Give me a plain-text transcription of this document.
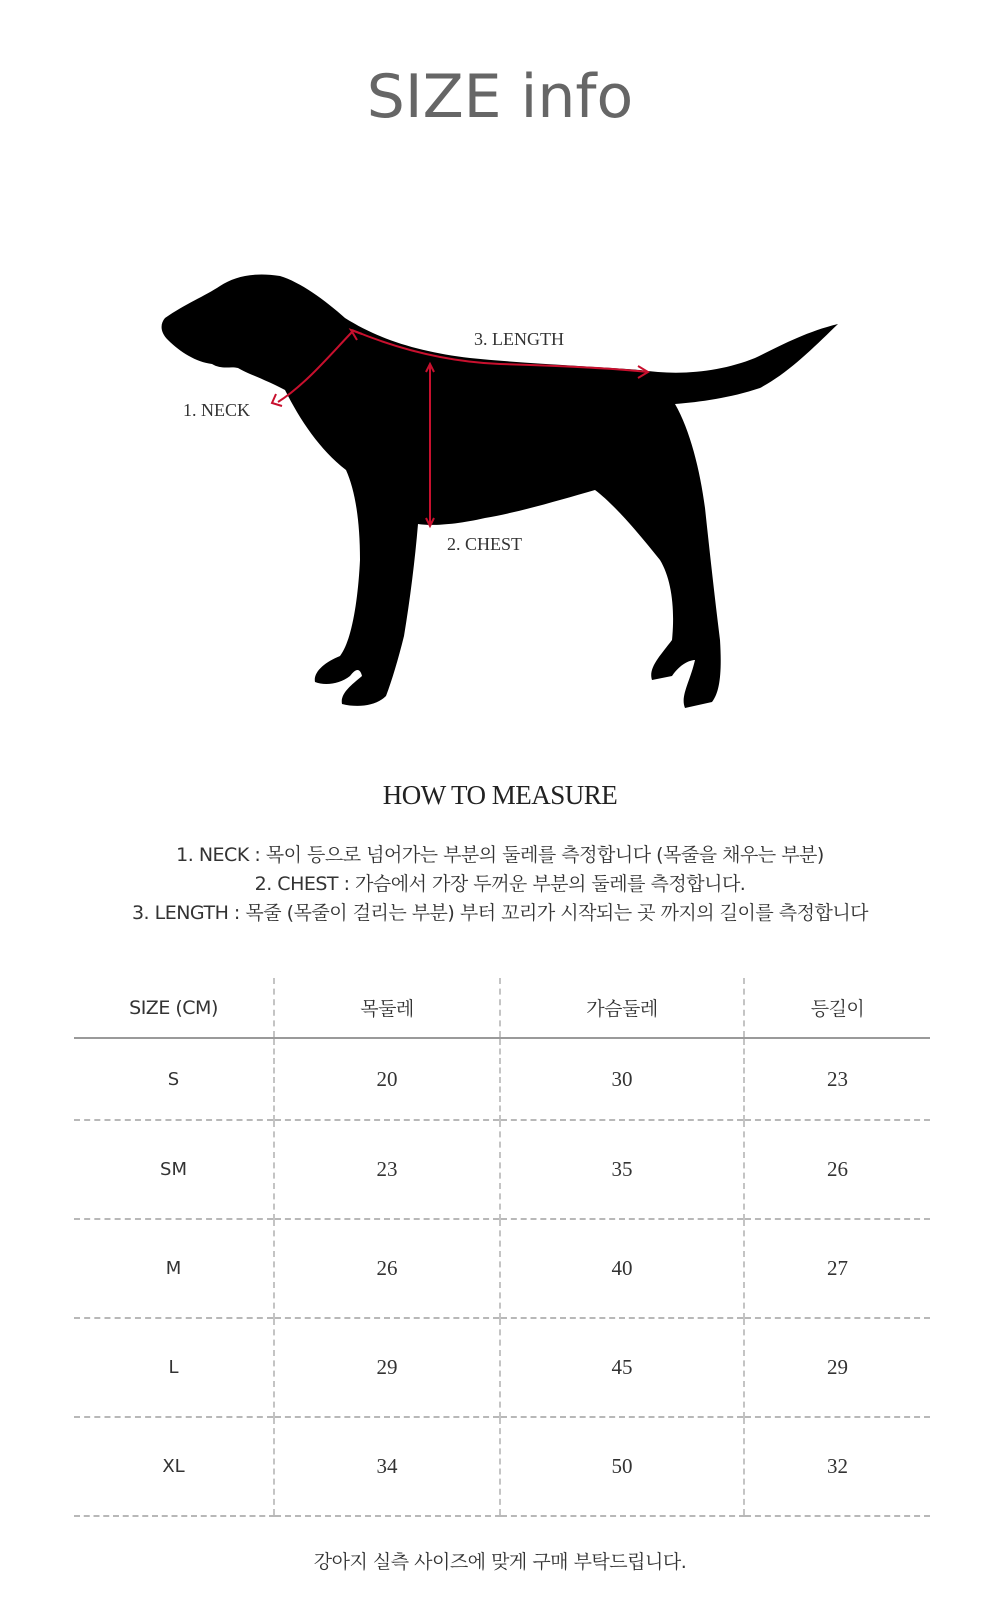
SIZE info
1. NECK
3. LENGTH
2. CHEST
HOW TO MEASURE
1. NECK : 목이 등으로 넘어가는 부분의 둘레를 측정합니다 (목줄을 채우는 부분)
2. CHEST : 가슴에서 가장 두꺼운 부분의 둘레를 측정합니다.
3. LENGTH : 목줄 (목줄이 걸리는 부분) 부터 꼬리가 시작되는 곳 까지의 길이를 측정합니다
SIZE (CM)	목둘레	가슴둘레	등길이
S	20	30	23
SM	23	35	26
M	26	40	27
L	29	45	29
XL	34	50	32
강아지 실측 사이즈에 맞게 구매 부탁드립니다.
